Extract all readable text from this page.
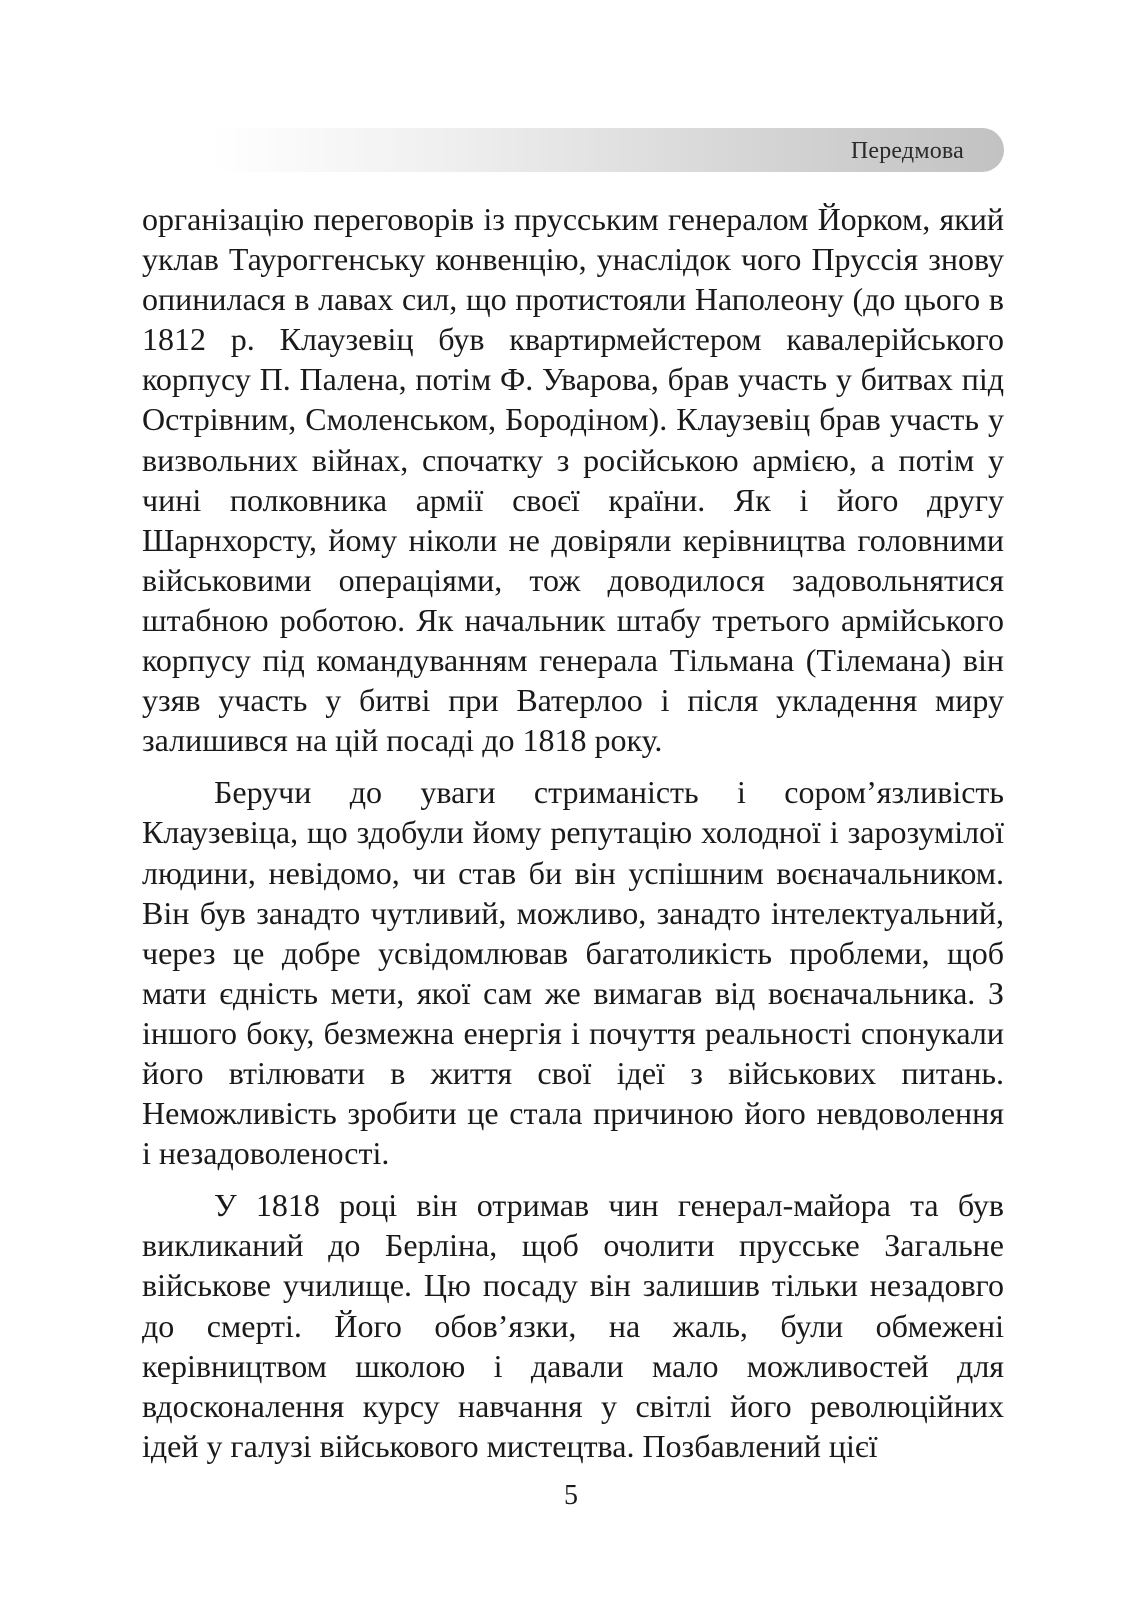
Передмова

організацію переговорів із прусським генералом Йорком, який уклав Тауроггенську конвенцію, унаслідок чого Пруссія знову опинилася в лавах сил, що протистояли Наполеону (до цього в 1812 р. Клаузевіц був квартирмейстером кавалерійського корпусу П. Палена, потім Ф. Уварова, брав участь у битвах під Острівним, Смоленськом, Бородіном). Клаузевіц брав участь у визвольних війнах, спочатку з російською армією, а потім у чині полковника армії своєї країни. Як і його другу Шарнхорсту, йому ніколи не довіряли керівництва головними військовими операціями, тож доводилося задовольнятися штабною роботою. Як начальник штабу третього армійського корпусу під командуванням генерала Тільмана (Тілемана) він узяв участь у битві при Ватерлоо і після укладення миру залишився на цій посаді до 1818 року.

Беручи до уваги стриманість і сором’язливість Клаузевіца, що здобули йому репутацію холодної і зарозумілої людини, невідомо, чи став би він успішним воєначальником. Він був занадто чутливий, можливо, занадто інтелектуальний, через це добре усвідомлював багатоликість проблеми, щоб мати єдність мети, якої сам же вимагав від воєначальника. З іншого боку, безмежна енергія і почуття реальності спонукали його втілювати в життя свої ідеї з військових питань. Неможливість зробити це стала причиною його невдоволення і незадоволеності.

У 1818 році він отримав чин генерал-майора та був викликаний до Берліна, щоб очолити прусське Загальне військове училище. Цю посаду він залишив тільки незадовго до смерті. Його обов’язки, на жаль, були обмежені керівництвом школою і давали мало можливостей для вдосконалення курсу навчання у світлі його революційних ідей у галузі військового мистецтва. Позбавлений цієї

5
